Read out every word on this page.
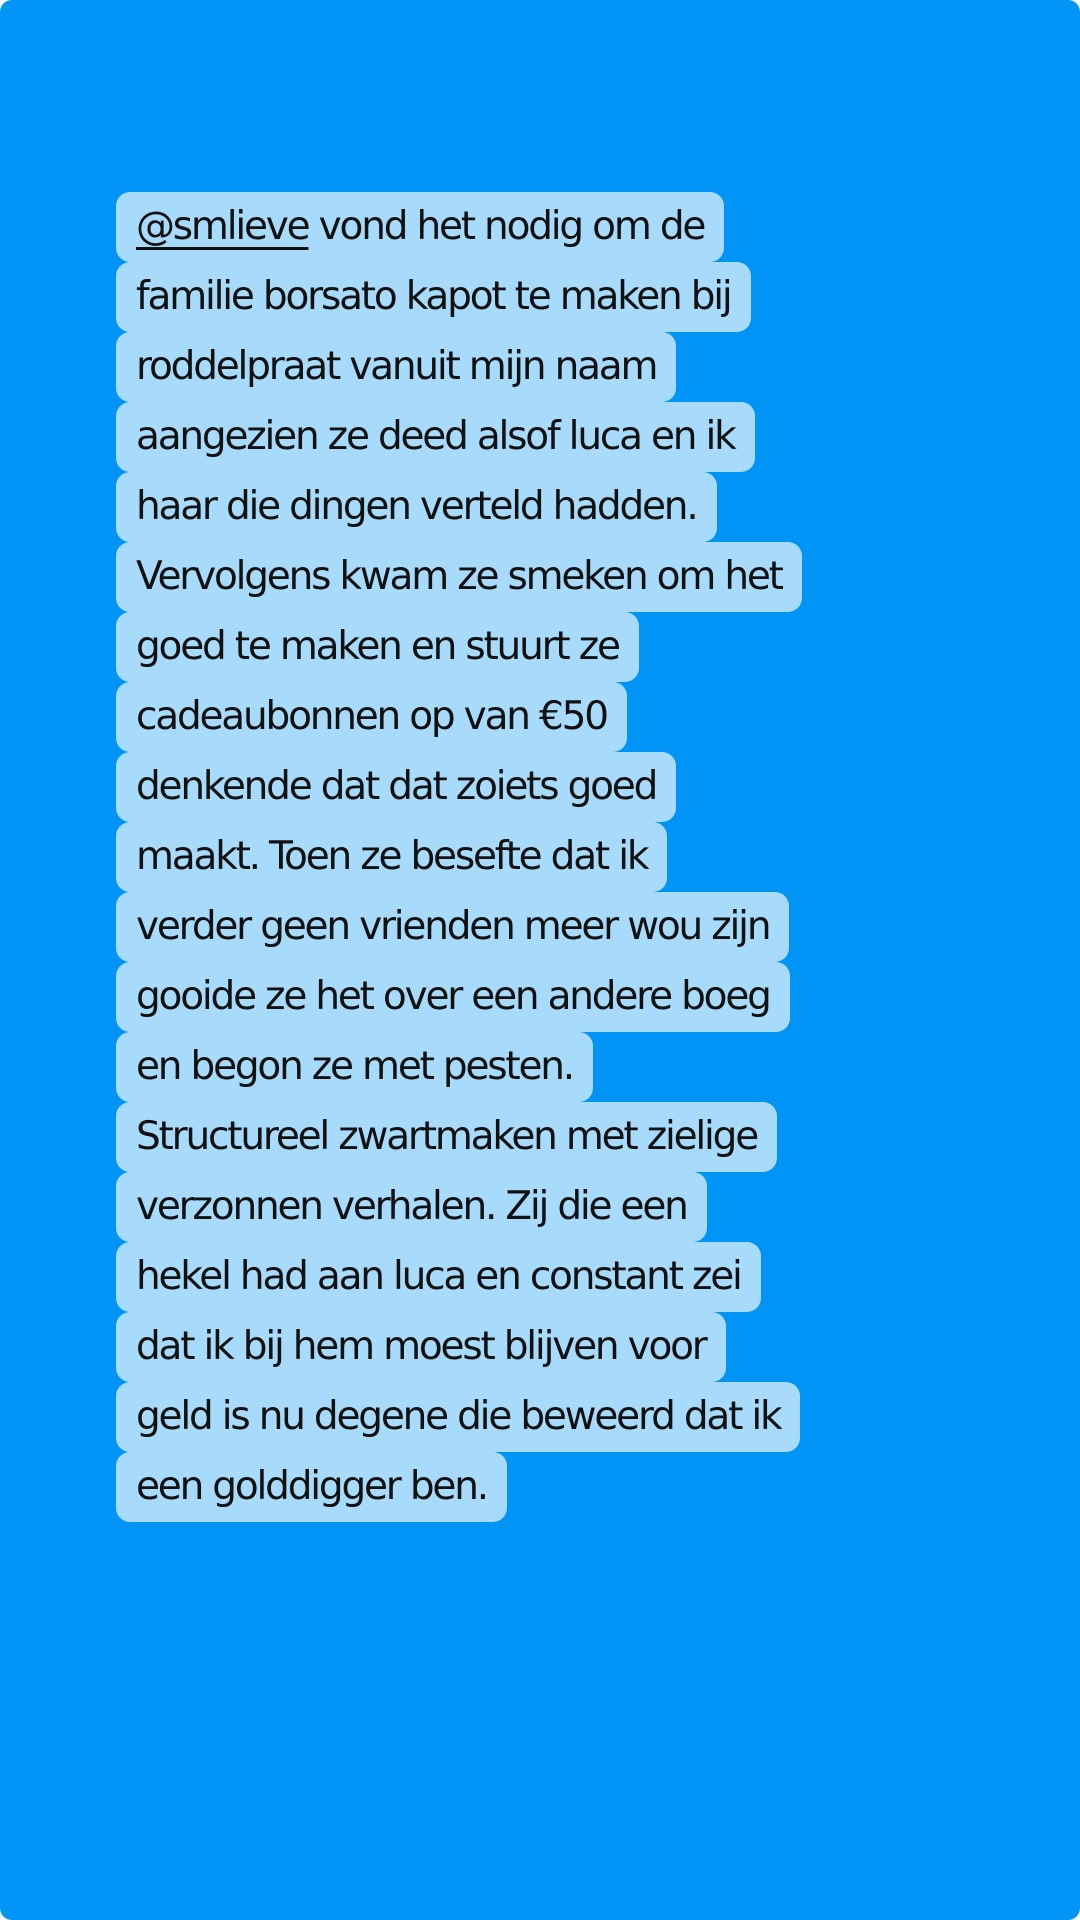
@smlieve vond het nodig om de
familie borsato kapot te maken bij
roddelpraat vanuit mijn naam
aangezien ze deed alsof luca en ik
haar die dingen verteld hadden.
Vervolgens kwam ze smeken om het
goed te maken en stuurt ze
cadeaubonnen op van €50
denkende dat dat zoiets goed
maakt. Toen ze besefte dat ik
verder geen vrienden meer wou zijn
gooide ze het over een andere boeg
en begon ze met pesten.
Structureel zwartmaken met zielige
verzonnen verhalen. Zij die een
hekel had aan luca en constant zei
dat ik bij hem moest blijven voor
geld is nu degene die beweerd dat ik
een golddigger ben.
